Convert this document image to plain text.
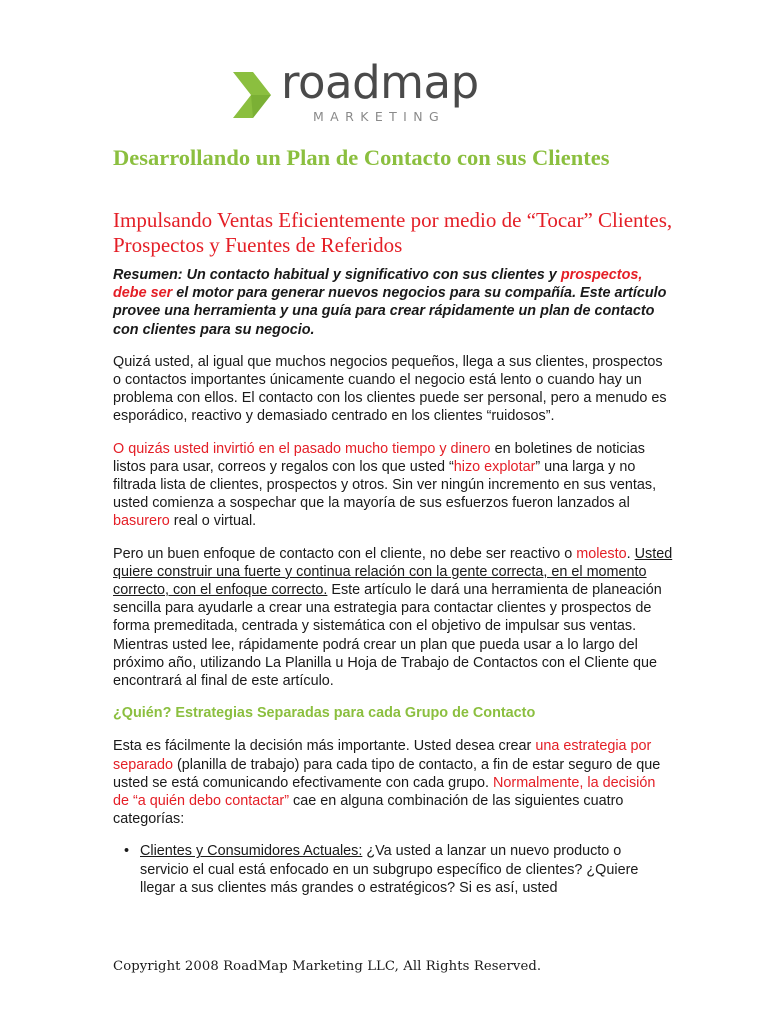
roadmap
MARKETING
Desarrollando un Plan de Contacto con sus Clientes
Impulsando Ventas Eficientemente por medio de “Tocar” Clientes, Prospectos y Fuentes de Referidos

Resumen: Un contacto habitual y significativo con sus clientes y prospectos, debe ser el motor para generar nuevos negocios para su compañía. Este artículo provee una herramienta y una guía para crear rápidamente un plan de contacto con clientes para su negocio.

Quizá usted, al igual que muchos negocios pequeños, llega a sus clientes, prospectos o contactos importantes únicamente cuando el negocio está lento o cuando hay un problema con ellos. El contacto con los clientes puede ser personal, pero a menudo es esporádico, reactivo y demasiado centrado en los clientes “ruidosos”.

O quizás usted invirtió en el pasado mucho tiempo y dinero en boletines de noticias listos para usar, correos y regalos con los que usted “hizo explotar” una larga y no filtrada lista de clientes, prospectos y otros. Sin ver ningún incremento en sus ventas, usted comienza a sospechar que la mayoría de sus esfuerzos fueron lanzados al basurero real o virtual.

Pero un buen enfoque de contacto con el cliente, no debe ser reactivo o molesto. Usted quiere construir una fuerte y continua relación con la gente correcta, en el momento correcto, con el enfoque correcto. Este artículo le dará una herramienta de planeación sencilla para ayudarle a crear una estrategia para contactar clientes y prospectos de forma premeditada, centrada y sistemática con el objetivo de impulsar sus ventas. Mientras usted lee, rápidamente podrá crear un plan que pueda usar a lo largo del próximo año, utilizando La Planilla u Hoja de Trabajo de Contactos con el Cliente que encontrará al final de este artículo.

¿Quién? Estrategias Separadas para cada Grupo de Contacto

Esta es fácilmente la decisión más importante. Usted desea crear una estrategia por separado (planilla de trabajo) para cada tipo de contacto, a fin de estar seguro de que usted se está comunicando efectivamente con cada grupo. Normalmente, la decisión de “a quién debo contactar” cae en alguna combinación de las siguientes cuatro categorías:

• Clientes y Consumidores Actuales: ¿Va usted a lanzar un nuevo producto o servicio el cual está enfocado en un subgrupo específico de clientes? ¿Quiere llegar a sus clientes más grandes o estratégicos? Si es así, usted
Copyright 2008 RoadMap Marketing LLC, All Rights Reserved.
